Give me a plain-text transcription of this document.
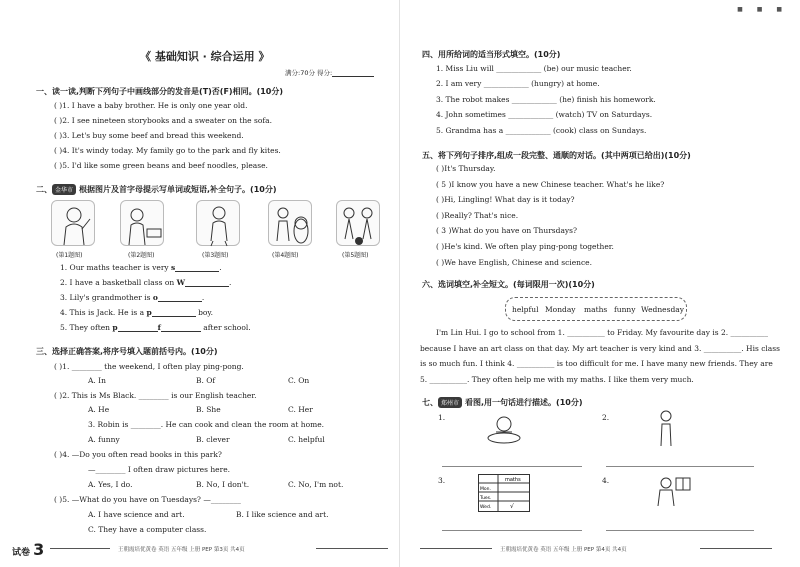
《 基础知识 · 综合运用 》
满分:70分 得分:
一、读一读,判断下列句子中画线部分的发音是(T)否(F)相同。(10分)
( )1. I have a baby brother. He is only one year old.
( )2. I see nineteen storybooks and a sweater on the sofa.
( )3. Let's buy some beef and bread this weekend.
( )4. It's windy today. My family go to the park and fly kites.
( )5. I'd like some green beans and beef noodles, please.
二、 金华市 根据图片及首字母提示写单词或短语,补全句子。(10分)
(第1题图)	(第2题图)	(第3题图)	(第4题图)	(第5题图)
1. Our maths teacher is very s	.
2. I have a basketball class on W	.
3. Lily's grandmother is o	.
4. This is Jack. He is a p	boy.
5. They often p	f	after school.
三、选择正确答案,将序号填入题前括号内。(10分)
( )1. ________ the weekend, I often play ping-pong.
A. In	B. Of	C. On
( )2. This is Ms Black. ________ is our English teacher.
A. He	B. She	C. Her
3. Robin is ________. He can cook and clean the room at home.
A. funny	B. clever	C. helpful
( )4. —Do you often read books in this park?
—________ I often draw pictures here.
A. Yes, I do.	B. No, I don't.	C. No, I'm not.
( )5. —What do you have on Tuesdays? —________
A. I have science and art.	B. I like science and art.
C. They have a computer class.
试卷 3	王朝霞培优黄卷 英语 五年级 上册 PEP 第3页 共4页
■ ■ ■
四、用所给词的适当形式填空。(10分)
1. Miss Liu will ____________ (be) our music teacher.
2. I am very ____________ (hungry) at home.
3. The robot makes ____________ (he) finish his homework.
4. John sometimes ____________ (watch) TV on Saturdays.
5. Grandma has a ____________ (cook) class on Sundays.
五、将下列句子排序,组成一段完整、通顺的对话。(其中两项已给出)(10分)
( )It's Thursday.
( 5 )I know you have a new Chinese teacher. What's he like?
( )Hi, Lingling! What day is it today?
( )Really? That's nice.
( 3 )What do you have on Thursdays?
( )He's kind. We often play ping-pong together.
( )We have English, Chinese and science.
六、选词填空,补全短文。(每词限用一次)(10分)
helpful Monday maths funny Wednesday
I'm Lin Hui. I go to school from 1. __________ to Friday. My favourite day is 2. __________
because I have an art class on that day. My art teacher is very kind and 3. __________. His class
is so much fun. I think 4. __________ is too difficult for me. I have many new friends. They are
5. __________. They often help me with my maths. I like them very much.
七、 郑州市 看图,用一句话进行描述。(10分)
1.	2.
3.	4.
maths
Mon.
Tues.
Wed.	√
王朝霞培优黄卷 英语 五年级 上册 PEP 第4页 共4页
